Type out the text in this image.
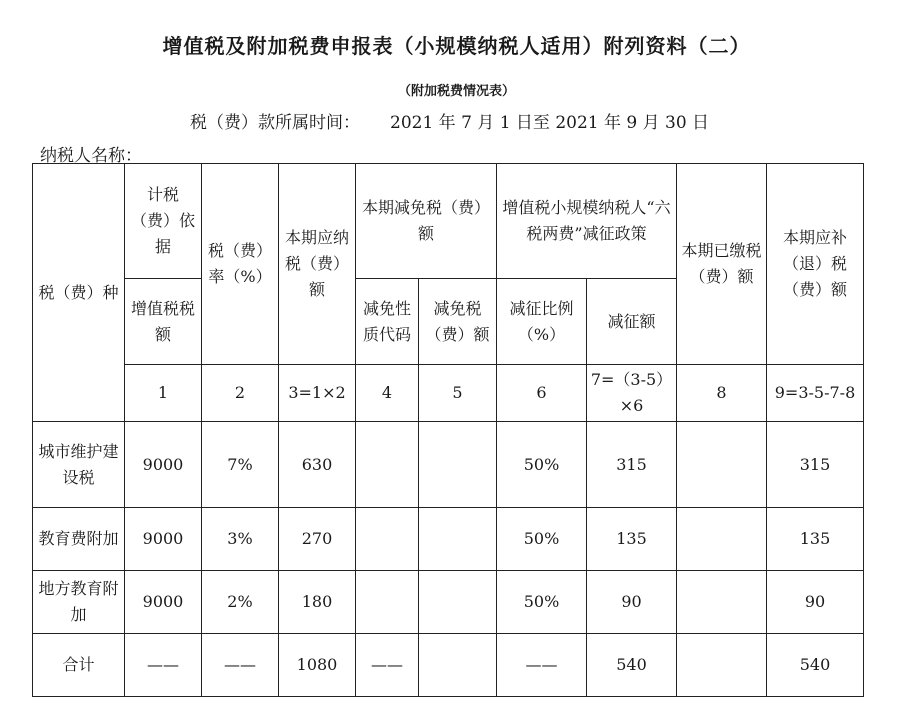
增值税及附加税费申报表（小规模纳税人适用）附列资料（二）
（附加税费情况表）
税（费）款所属时间： 2021 年 7 月 1 日至 2021 年 9 月 30 日
纳税人名称：
税（费）种	计税（费）依据	税（费）率（%）	本期应纳税（费）额	本期减免税（费）额		增值税小规模纳税人“六税两费”减征政策		本期已缴税（费）额	本期应补（退）税（费）额
	增值税税额			减免性质代码	减免税（费）额	减征比例（%）	减征额		
	1	2	3=1×2	4	5	6	7=（3-5）×6	8	9=3-5-7-8
城市维护建设税	9000	7%	630			50%	315		315
教育费附加	9000	3%	270			50%	135		135
地方教育附加	9000	2%	180			50%	90		90
合计	——	——	1080	——		——	540		540
